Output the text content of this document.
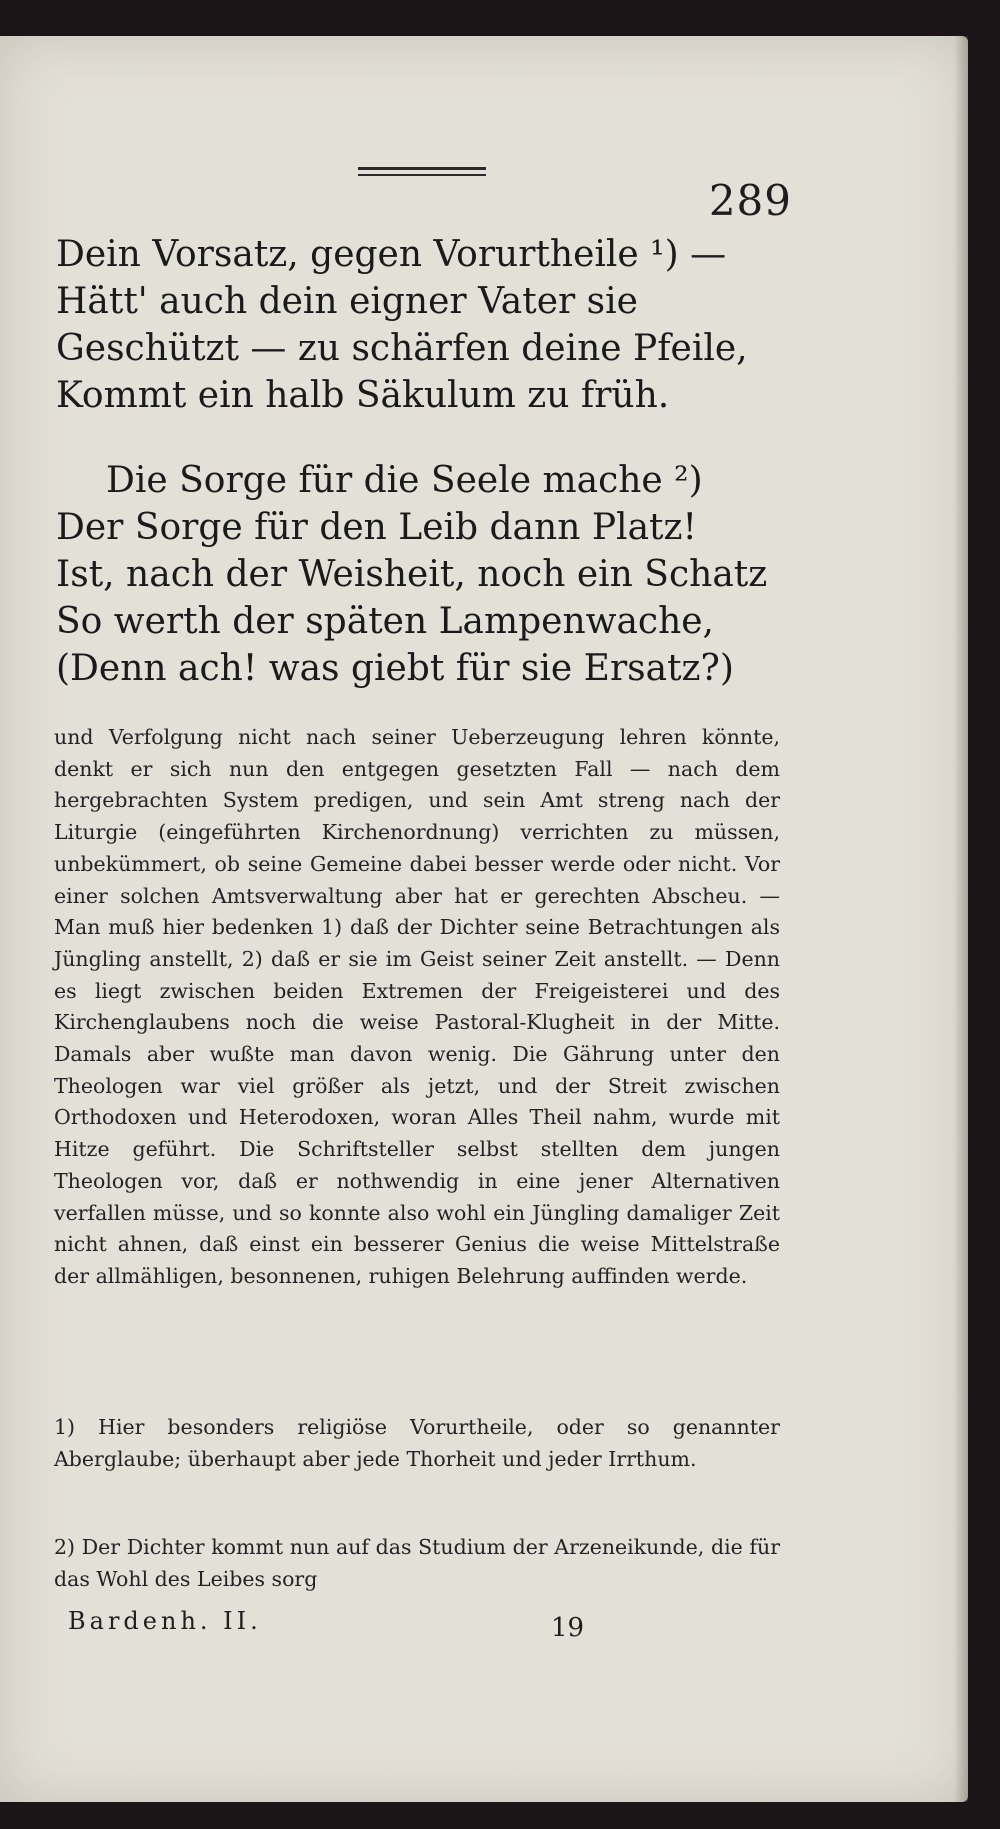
289
Dein Vorsatz, gegen Vorurtheile ¹) —
Hätt' auch dein eigner Vater sie
Geschützt — zu schärfen deine Pfeile,
Kommt ein halb Säkulum zu früh.
Die Sorge für die Seele mache ²)
Der Sorge für den Leib dann Platz!
Ist, nach der Weisheit, noch ein Schatz
So werth der späten Lampenwache,
(Denn ach! was giebt für sie Ersatz?)
und Verfolgung nicht nach seiner Ueberzeugung lehren könnte, denkt er sich nun den entgegen gesetzten Fall — nach dem hergebrachten System predigen, und sein Amt streng nach der Liturgie (eingeführten Kirchenordnung) verrichten zu müssen, unbekümmert, ob seine Gemeine dabei besser werde oder nicht. Vor einer solchen Amtsverwaltung aber hat er gerechten Abscheu. — Man muß hier bedenken 1) daß der Dichter seine Betrachtungen als Jüngling anstellt, 2) daß er sie im Geist seiner Zeit anstellt. — Denn es liegt zwischen beiden Extremen der Freigeisterei und des Kirchenglaubens noch die weise Pastoral-Klugheit in der Mitte. Damals aber wußte man davon wenig. Die Gährung unter den Theologen war viel größer als jetzt, und der Streit zwischen Orthodoxen und Heterodoxen, woran Alles Theil nahm, wurde mit Hitze geführt. Die Schriftsteller selbst stellten dem jungen Theologen vor, daß er nothwendig in eine jener Alternativen verfallen müsse, und so konnte also wohl ein Jüngling damaliger Zeit nicht ahnen, daß einst ein besserer Genius die weise Mittelstraße der allmähligen, besonnenen, ruhigen Belehrung auffinden werde.
1) Hier besonders religiöse Vorurtheile, oder so genannter Aberglaube; überhaupt aber jede Thorheit und jeder Irrthum.
2) Der Dichter kommt nun auf das Studium der Arzeneikunde, die für das Wohl des Leibes sorg
Bardenh. II.	19
